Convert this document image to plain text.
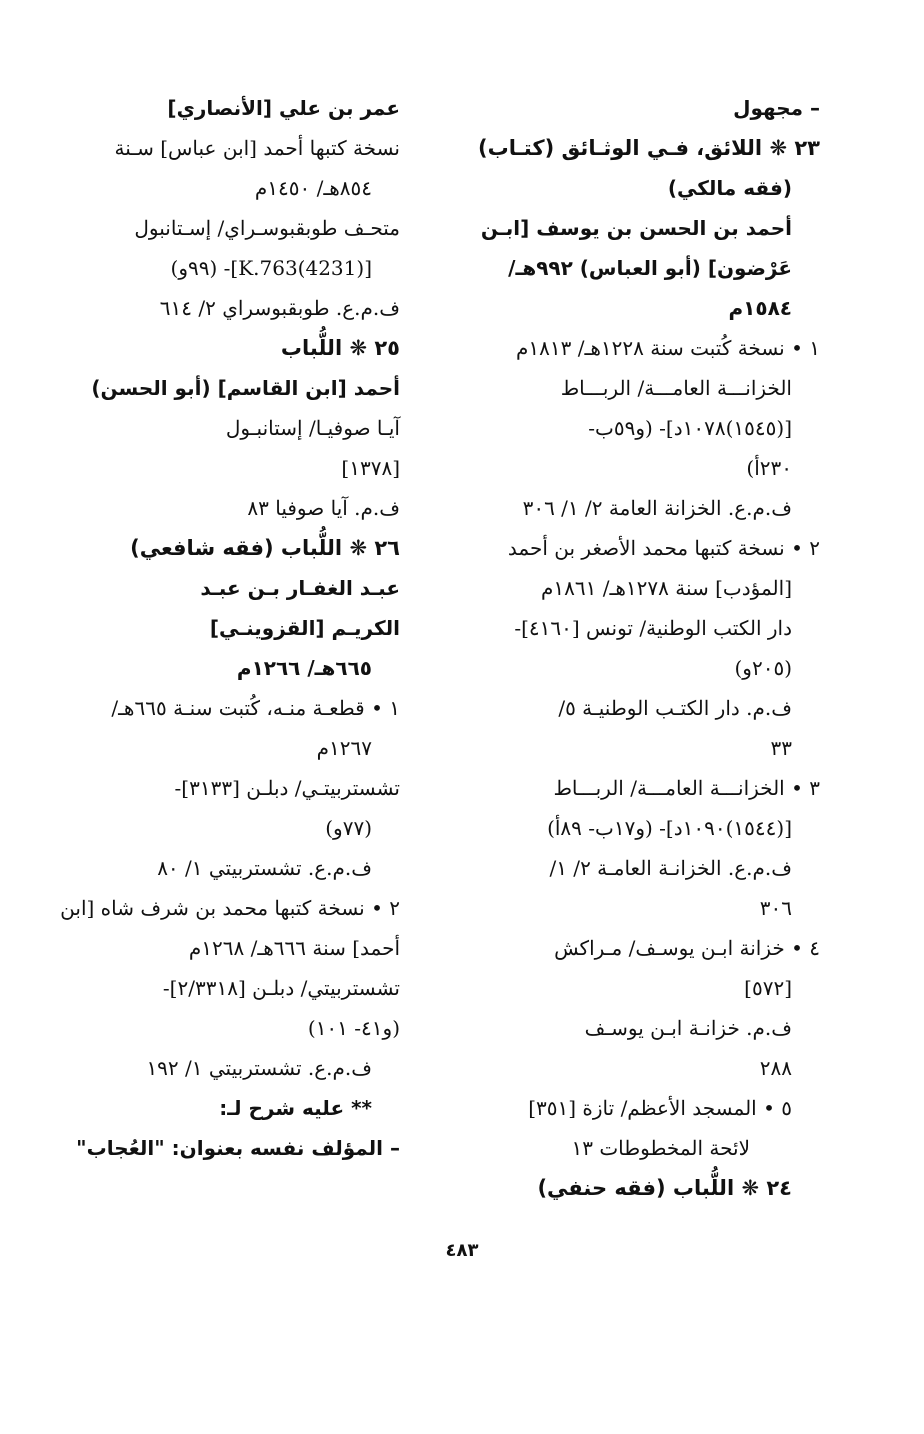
– مجهول
٢٣ ❋ اللائق، فـي الوثـائق (كتـاب)
(فقه مالكي)
أحمد بن الحسن بن يوسف [ابـن
عَرْضون] (أبو العباس) ٩٩٢هـ/
١٥٨٤م
١ • نسخة كُتبت سنة ١٢٢٨هـ/ ١٨١٣م
الخزانـــة العامـــة/ الربـــاط
[(١٥٤٥)١٠٧٨د]- (و٥٩ب-
٢٣٠أ)
ف.م.ع. الخزانة العامة ٢/ ١/ ٣٠٦
٢ • نسخة كتبها محمد الأصغر بن أحمد
[المؤدب] سنة ١٢٧٨هـ/ ١٨٦١م
دار الكتب الوطنية/ تونس [٤١٦٠]-
(٢٠٥و)
ف.م. دار الكتـب الوطنيـة ٥/
٣٣
٣ • الخزانـــة العامـــة/ الربـــاط
[(١٥٤٤)١٠٩٠د]- (و١٧ب- ٨٩أ)
ف.م.ع. الخزانـة العامـة ٢/ ١/
٣٠٦
٤ • خزانة ابـن يوسـف/ مـراكش
[٥٧٢]
ف.م. خزانـة ابـن يوسـف
٢٨٨
٥ • المسجد الأعظم/ تازة [٣٥١]
لائحة المخطوطات ١٣
٢٤ ❋ اللُّباب (فقه حنفي)
عمر بن علي [الأنصاري]
نسخة كتبها أحمد [ابن عباس] سـنة
٨٥٤هـ/ ١٤٥٠م
متحـف طوبقبوسـراي/ إسـتانبول
[K.763(4231)]- (٩٩و)
ف.م.ع. طوبقبوسراي ٢/ ٦١٤
٢٥ ❋ اللُّباب
أحمد [ابن القاسم] (أبو الحسن)
آيـا صوفيـا/ إستانبـول
[١٣٧٨]
ف.م. آيا صوفيا ٨٣
٢٦ ❋ اللُّباب (فقه شافعي)
عبـد الغفـار بـن عبـد
الكريـم [القزوينـي]
٦٦٥هـ/ ١٢٦٦م
١ • قطعـة منـه، كُتبت سنـة ٦٦٥هـ/
١٢٦٧م
تشستربيتـي/ دبلـن [٣١٣٣]-
(٧٧و)
ف.م.ع. تشستربيتي ١/ ٨٠
٢ • نسخة كتبها محمد بن شرف شاه [ابن
أحمد] سنة ٦٦٦هـ/ ١٢٦٨م
تشستربيتي/ دبلـن [٢/٣٣١٨]-
(و٤١- ١٠١)
ف.م.ع. تشستربيتي ١/ ١٩٢
** عليه شرح لـ:
– المؤلف نفسه بعنوان: "العُجاب"
٤٨٣
